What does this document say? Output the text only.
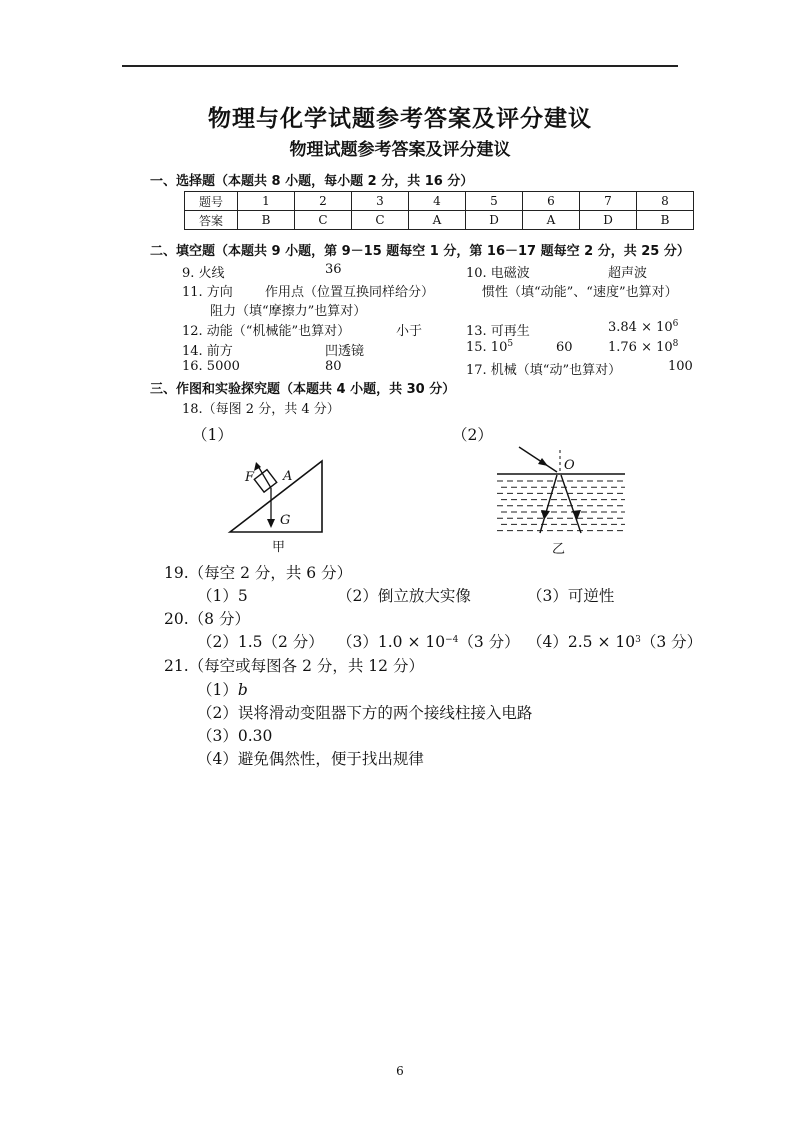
物理与化学试题参考答案及评分建议
物理试题参考答案及评分建议
一、选择题（本题共 8 小题，每小题 2 分，共 16 分）
题号	1	2	3	4	5	6	7	8
答案	B	C	C	A	D	A	D	B
二、填空题（本题共 9 小题，第 9－15 题每空 1 分，第 16－17 题每空 2 分，共 25 分）
9. 火线	36	10. 电磁波	超声波
11. 方向 作用点（位置互换同样给分）	惯性（填“动能”、“速度”也算对）
阻力（填“摩擦力”也算对）
12. 动能（“机械能”也算对）	小于	13. 可再生	$3.84 \times 10^6$
14. 前方	凹透镜	15. $10^5$	60	$1.76 \times 10^8$
16. 5000	80	17. 机械（填“动”也算对）	100
三、作图和实验探究题（本题共 4 小题，共 30 分）
18.（每图 2 分，共 4 分）
（1）	（2）
F A
G
甲
O
乙
19.（每空 2 分，共 6 分）
（1）5	（2）倒立放大实像	（3）可逆性
20.（8 分）
（2）1.5（2 分） $(3)1.0 \times 10^{-4}(3$ 分） $(4)2.5 \times 10^3(3$ 分）
21.（每空或每图各 2 分，共 12 分）
（1）b
（2）误将滑动变阻器下方的两个接线柱接入电路
（3）0.30
（4）避免偶然性，便于找出规律
6
